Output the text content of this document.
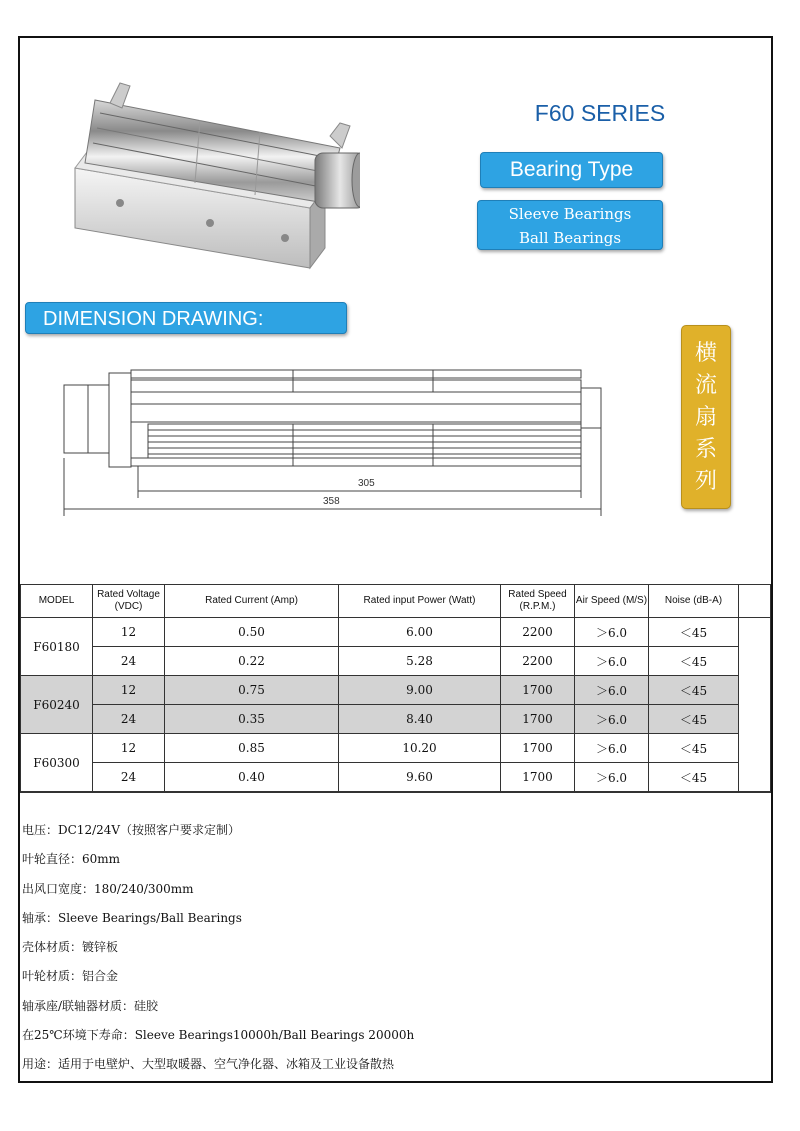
F60 SERIES
Bearing Type
Sleeve Bearings
Ball Bearings
DIMENSION DRAWING:
305
358
横
流
扇
系
列
MODEL	Rated Voltage (VDC)	Rated Current (Amp)	Rated input Power (Watt)	Rated Speed (R.P.M.)	Air Speed (M/S)	Noise (dB-A)	
F60180	12	0.50	6.00	2200	＞6.0	＜45	
	24	0.22	5.28	2200	＞6.0	＜45	
F60240	12	0.75	9.00	1700	＞6.0	＜45	
	24	0.35	8.40	1700	＞6.0	＜45	
F60300	12	0.85	10.20	1700	＞6.0	＜45	
	24	0.40	9.60	1700	＞6.0	＜45	
电压：DC12/24V（按照客户要求定制）
叶轮直径：60mm
出风口宽度：180/240/300mm
轴承：Sleeve Bearings/Ball Bearings
壳体材质：镀锌板
叶轮材质：铝合金
轴承座/联轴器材质：硅胶
在25℃环境下寿命：Sleeve Bearings10000h/Ball Bearings 20000h
用途：适用于电壁炉、大型取暖器、空气净化器、冰箱及工业设备散热
